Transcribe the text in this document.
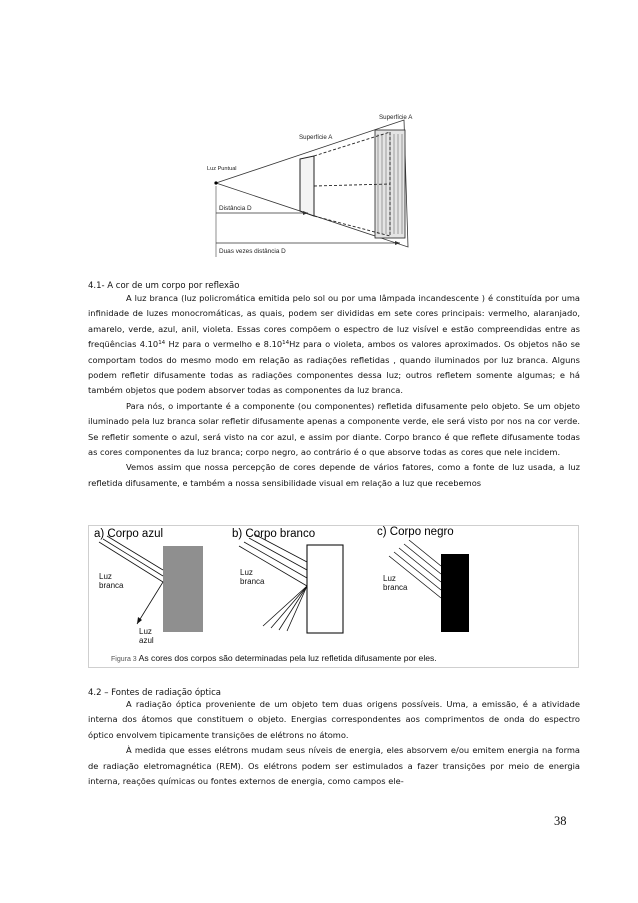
Luz Puntual
Superfície A
Superfície A
Distância D
Duas vezes distância D
4.1- A cor de um corpo por reflexão

A luz branca (luz policromática emitida pelo sol ou por uma lâmpada incandescente ) é constituída por uma infinidade de luzes monocromáticas, as quais, podem ser divididas em sete cores principais: vermelho, alaranjado, amarelo, verde, azul, anil, violeta. Essas cores compõem o espectro de luz visível e estão compreendidas entre as freqüências 4.10$^{14}$ Hz para o vermelho e 8.10$^{14}$Hz para o violeta, ambos os valores aproximados. Os objetos não se comportam todos do mesmo modo em relação as radiações refletidas , quando iluminados por luz branca. Alguns podem refletir difusamente todas as radiações componentes dessa luz; outros refletem somente algumas; e há também objetos que podem absorver todas as componentes da luz branca.

Para nós, o importante é a componente (ou componentes) refletida difusamente pelo objeto. Se um objeto iluminado pela luz branca solar refletir difusamente apenas a componente verde, ele será visto por nos na cor verde. Se refletir somente o azul, será visto na cor azul, e assim por diante. Corpo branco é que reflete difusamente todas as cores componentes da luz branca; corpo negro, ao contrário é o que absorve todas as cores que nele incidem.

Vemos assim que nossa percepção de cores depende de vários fatores, como a fonte de luz usada, a luz refletida difusamente, e também a nossa sensibilidade visual em relação a luz que recebemos

a) Corpo azul	b) Corpo branco	c) Corpo negro
Luz
branca
Luz
azul
Luz
branca	Luz
branca
Figura 3 As cores dos corpos são determinadas pela luz refletida difusamente por eles.
4.2 – Fontes de radiação óptica

A radiação óptica proveniente de um objeto tem duas origens possíveis. Uma, a emissão, é a atividade interna dos átomos que constituem o objeto. Energias correspondentes aos comprimentos de onda do espectro óptico envolvem tipicamente transições de elétrons no átomo.

À medida que esses elétrons mudam seus níveis de energia, eles absorvem e/ou emitem energia na forma de radiação eletromagnética (REM). Os elétrons podem ser estimulados a fazer transições por meio de energia interna, reações químicas ou fontes externos de energia, como campos ele-

38
